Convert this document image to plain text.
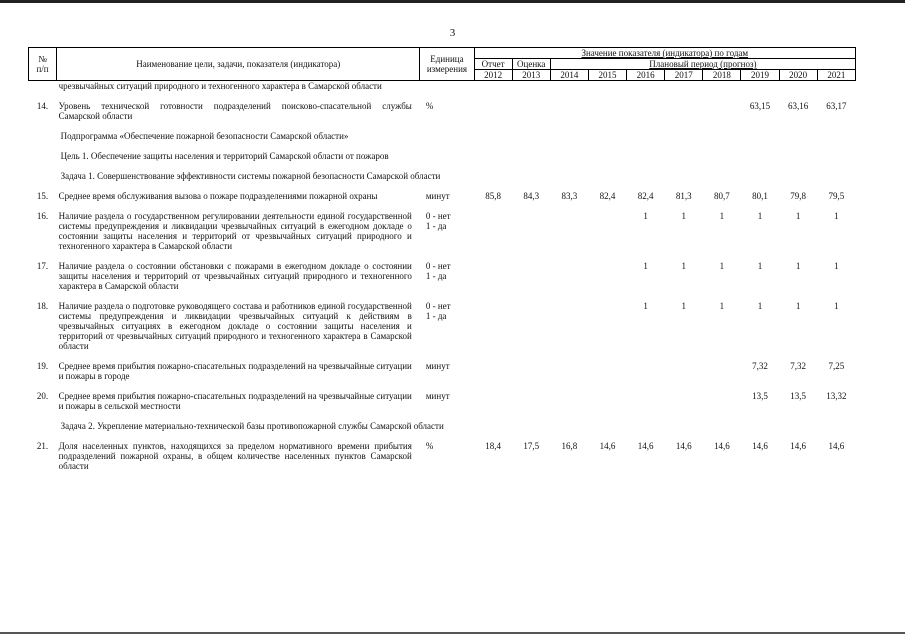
3
№
п/п	Наименование цели, задачи, показателя (индикатора)	Единица
измерения	Значение показателя (индикатора) по годам									
			Отчет	Оценка	Плановый период (прогноз)							
			2012	2013	2014	2015	2016	2017	2018	2019	2020	2021
	чрезвычайных ситуаций природного и техногенного характера в Самарской области											

14.	Уровень технической готовности подразделений поисково-спасательной службы Самарской области	%								63,15	63,16	63,17

	Подпрограмма «Обеспечение пожарной безопасности Самарской области»											

	Цель 1. Обеспечение защиты населения и территорий Самарской области от пожаров											

	Задача 1. Совершенствование эффективности системы пожарной безопасности Самарской области											

15.	Среднее время обслуживания вызова о пожаре подразделениями пожарной охраны	минут	85,8	84,3	83,3	82,4	82,4	81,3	80,7	80,1	79,8	79,5

16.	Наличие раздела о государственном регулировании деятельности единой государственной системы предупреждения и ликвидации чрезвычайных ситуаций в ежегодном докладе о состоянии защиты населения и территорий от чрезвычайных ситуаций природного и техногенного характера в Самарской области	0 - нет
1 - да					1	1	1	1	1	1

17.	Наличие раздела о состоянии обстановки с пожарами в ежегодном докладе о состоянии защиты населения и территорий от чрезвычайных ситуаций природного и техногенного характера в Самарской области	0 - нет
1 - да					1	1	1	1	1	1

18.	Наличие раздела о подготовке руководящего состава и работников единой государственной системы предупреждения и ликвидации чрезвычайных ситуаций к действиям в чрезвычайных ситуациях в ежегодном докладе о состоянии защиты населения и территорий от чрезвычайных ситуаций природного и техногенного характера в Самарской области	0 - нет
1 - да					1	1	1	1	1	1

19.	Среднее время прибытия пожарно-спасательных подразделений на чрезвычайные ситуации и пожары в городе	минут								7,32	7,32	7,25

20.	Среднее время прибытия пожарно-спасательных подразделений на чрезвычайные ситуации и пожары в сельской местности	минут								13,5	13,5	13,32

	Задача 2. Укрепление материально-технической базы противопожарной службы Самарской области											

21.	Доля населенных пунктов, находящихся за пределом нормативного времени прибытия подразделений пожарной охраны, в общем количестве населенных пунктов Самарской области	%	18,4	17,5	16,8	14,6	14,6	14,6	14,6	14,6	14,6	14,6
